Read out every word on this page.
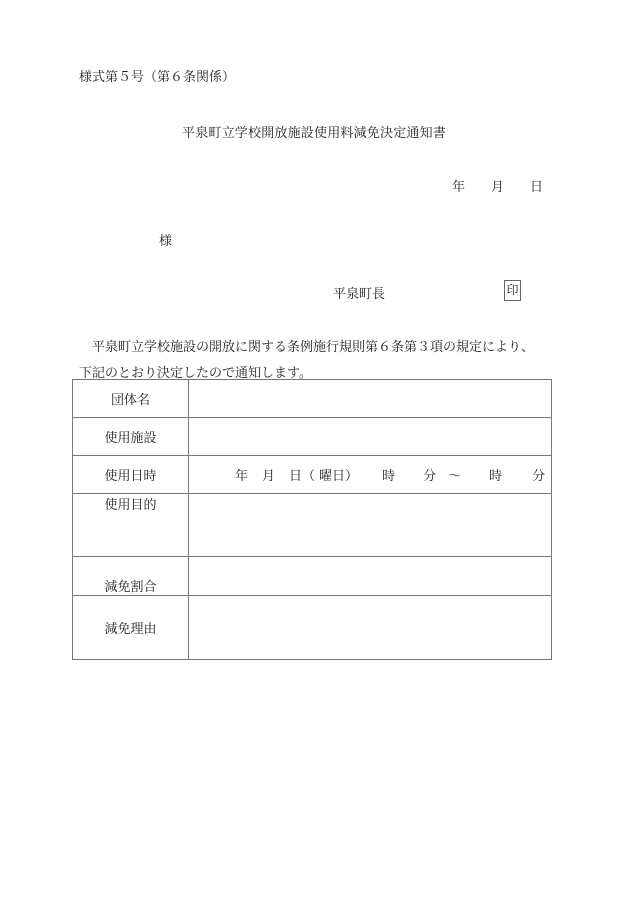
様式第５号（第６条関係）
平泉町立学校開放施設使用料減免決定通知書
年 月 日
様
平泉町長	印
平泉町立学校施設の開放に関する条例施行規則第６条第３項の規定により、
下記のとおり決定したので通知します。
団体名	
使用施設	
使用日時	年 月 日（ 曜日） 時 分 ～ 時 分

使用目的	
減免割合	
減免理由	
